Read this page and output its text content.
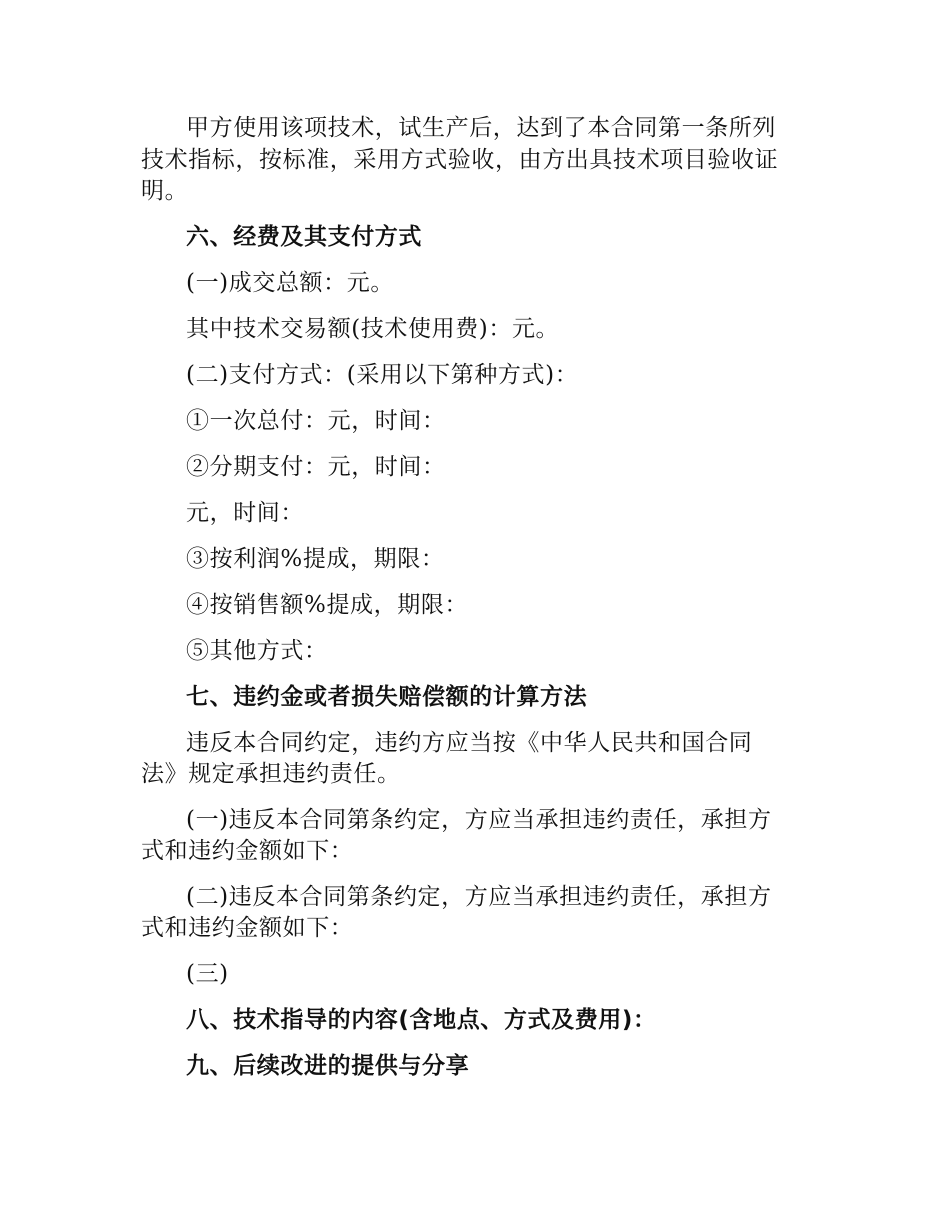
甲方使用该项技术，试生产后，达到了本合同第一条所列
技术指标，按标准，采用方式验收，由方出具技术项目验收证
明。
六、经费及其支付方式
(一)成交总额：元。
其中技术交易额(技术使用费)：元。
(二)支付方式：(采用以下第种方式)：
①一次总付：元，时间：
②分期支付：元，时间：
元，时间：
③按利润%提成，期限：
④按销售额%提成，期限：
⑤其他方式：
七、违约金或者损失赔偿额的计算方法
违反本合同约定，违约方应当按《中华人民共和国合同
法》规定承担违约责任。
(一)违反本合同第条约定，方应当承担违约责任，承担方
式和违约金额如下：
(二)违反本合同第条约定，方应当承担违约责任，承担方
式和违约金额如下：
(三)
八、技术指导的内容(含地点、方式及费用)：
九、后续改进的提供与分享
